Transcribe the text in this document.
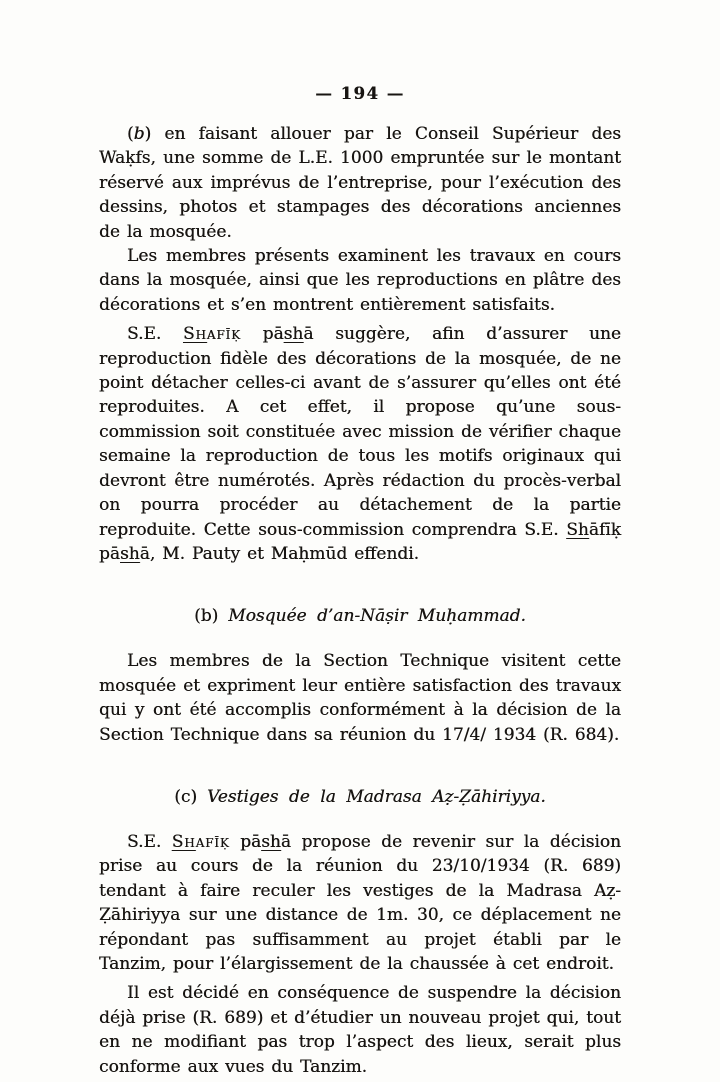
— 194 —

(b) en faisant allouer par le Conseil Supérieur des Waḳfs, une somme de L.E. 1000 empruntée sur le montant réservé aux imprévus de l’entreprise, pour l’exécution des dessins, photos et stampages des décorations anciennes de la mosquée.

Les membres présents examinent les travaux en cours dans la mosquée, ainsi que les reproductions en plâtre des décorations et s’en montrent entièrement satisfaits.

S.E. Shafīḳ pāshā suggère, afin d’assurer une reproduction fidèle des décorations de la mosquée, de ne point détacher celles-ci avant de s’assurer qu’elles ont été reproduites. A cet effet, il propose qu’une sous-commission soit constituée avec mission de vérifier chaque semaine la reproduction de tous les motifs originaux qui devront être numérotés. Après rédaction du procès-verbal on pourra procéder au détachement de la partie reproduite. Cette sous-commission comprendra S.E. Shāfīḳ pāshā, M. Pauty et Maḥmūd effendi.

(b) Mosquée d’an-Nāṣir Muḥammad.

Les membres de la Section Technique visitent cette mosquée et expriment leur entière satisfaction des travaux qui y ont été accomplis conformément à la décision de la Section Technique dans sa réunion du 17/4/ 1934 (R. 684).

(c) Vestiges de la Madrasa Aẓ-Ẓāhiriyya.

S.E. Shafīḳ pāshā propose de revenir sur la décision prise au cours de la réunion du 23/10/1934 (R. 689) tendant à faire reculer les vestiges de la Madrasa Aẓ-Ẓāhiriyya sur une distance de 1m. 30, ce déplacement ne répondant pas suffisamment au projet établi par le Tanzim, pour l’élargissement de la chaussée à cet endroit.

Il est décidé en conséquence de suspendre la décision déjà prise (R. 689) et d’étudier un nouveau projet qui, tout en ne modifiant pas trop l’aspect des lieux, serait plus conforme aux vues du Tanzim.
